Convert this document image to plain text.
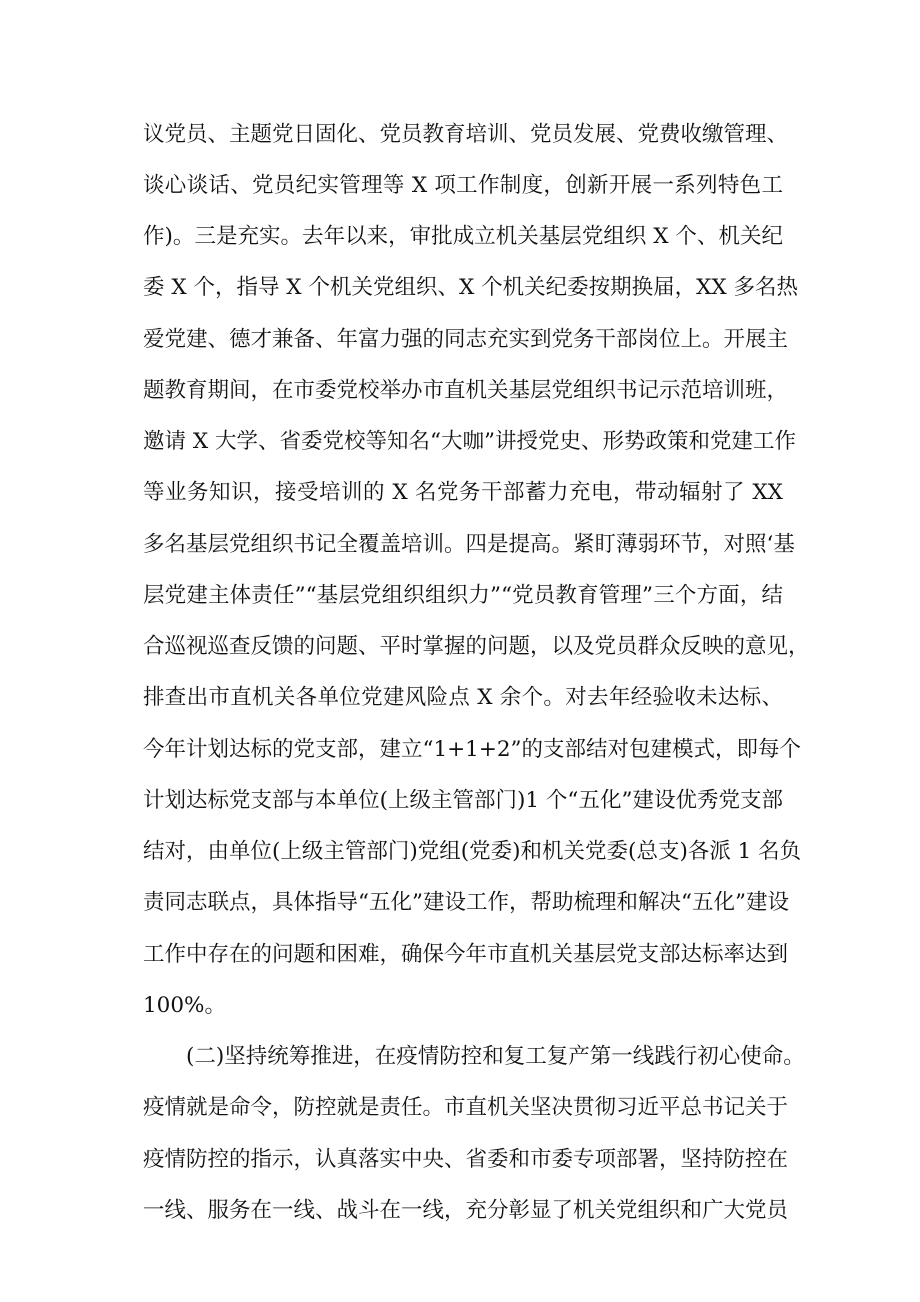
议党员、主题党日固化、党员教育培训、党员发展、党费收缴管理、
谈心谈话、党员纪实管理等 X 项工作制度，创新开展一系列特色工
作)。三是充实。去年以来，审批成立机关基层党组织 X 个、机关纪
委 X 个，指导 X 个机关党组织、X 个机关纪委按期换届，XX 多名热
爱党建、德才兼备、年富力强的同志充实到党务干部岗位上。开展主
题教育期间，在市委党校举办市直机关基层党组织书记示范培训班，
邀请 X 大学、省委党校等知名“大咖”讲授党史、形势政策和党建工作
等业务知识，接受培训的 X 名党务干部蓄力充电，带动辐射了 XX
多名基层党组织书记全覆盖培训。四是提高。紧盯薄弱环节，对照‘基
层党建主体责任”“基层党组织组织力”“党员教育管理”三个方面，结
合巡视巡查反馈的问题、平时掌握的问题，以及党员群众反映的意见，
排查出市直机关各单位党建风险点 X 余个。对去年经验收未达标、
今年计划达标的党支部，建立“1+1+2”的支部结对包建模式，即每个
计划达标党支部与本单位(上级主管部门)1 个“五化”建设优秀党支部
结对，由单位(上级主管部门)党组(党委)和机关党委(总支)各派 1 名负
责同志联点，具体指导“五化”建设工作，帮助梳理和解决“五化”建设
工作中存在的问题和困难，确保今年市直机关基层党支部达标率达到
100%。
(二)坚持统筹推进，在疫情防控和复工复产第一线践行初心使命。
疫情就是命令，防控就是责任。市直机关坚决贯彻习近平总书记关于
疫情防控的指示，认真落实中央、省委和市委专项部署，坚持防控在
一线、服务在一线、战斗在一线，充分彰显了机关党组织和广大党员
